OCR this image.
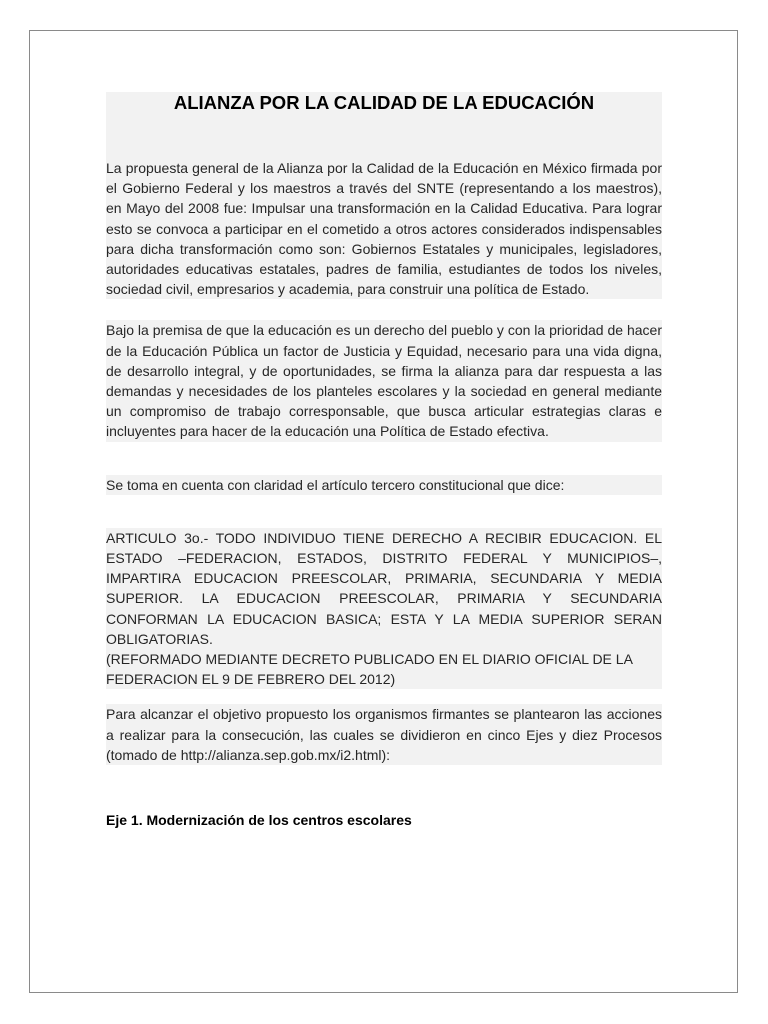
ALIANZA POR LA CALIDAD DE LA EDUCACIÓN

La propuesta general de la Alianza por la Calidad de la Educación en México firmada por el Gobierno Federal y los maestros a través del SNTE (representando a los maestros), en Mayo del 2008 fue: Impulsar una transformación en la Calidad Educativa. Para lograr esto se convoca a participar en el cometido a otros actores considerados indispensables para dicha transformación como son: Gobiernos Estatales y municipales, legisladores, autoridades educativas estatales, padres de familia, estudiantes de todos los niveles, sociedad civil, empresarios y academia, para construir una política de Estado.

Bajo la premisa de que la educación es un derecho del pueblo y con la prioridad de hacer de la Educación Pública un factor de Justicia y Equidad, necesario para una vida digna, de desarrollo integral, y de oportunidades, se firma la alianza para dar respuesta a las demandas y necesidades de los planteles escolares y la sociedad en general mediante un compromiso de trabajo corresponsable, que busca articular estrategias claras e incluyentes para hacer de la educación una Política de Estado efectiva.

Se toma en cuenta con claridad el artículo tercero constitucional que dice:

ARTICULO 3o.- TODO INDIVIDUO TIENE DERECHO A RECIBIR EDUCACION. EL ESTADO –FEDERACION, ESTADOS, DISTRITO FEDERAL Y MUNICIPIOS–, IMPARTIRA EDUCACION PREESCOLAR, PRIMARIA, SECUNDARIA Y MEDIA SUPERIOR. LA EDUCACION PREESCOLAR, PRIMARIA Y SECUNDARIA CONFORMAN LA EDUCACION BASICA; ESTA Y LA MEDIA SUPERIOR SERAN OBLIGATORIAS.
(REFORMADO MEDIANTE DECRETO PUBLICADO EN EL DIARIO OFICIAL DE LA FEDERACION EL 9 DE FEBRERO DEL 2012)

Para alcanzar el objetivo propuesto los organismos firmantes se plantearon las acciones a realizar para la consecución, las cuales se dividieron en cinco Ejes y diez Procesos (tomado de http://alianza.sep.gob.mx/i2.html):

Eje 1. Modernización de los centros escolares
